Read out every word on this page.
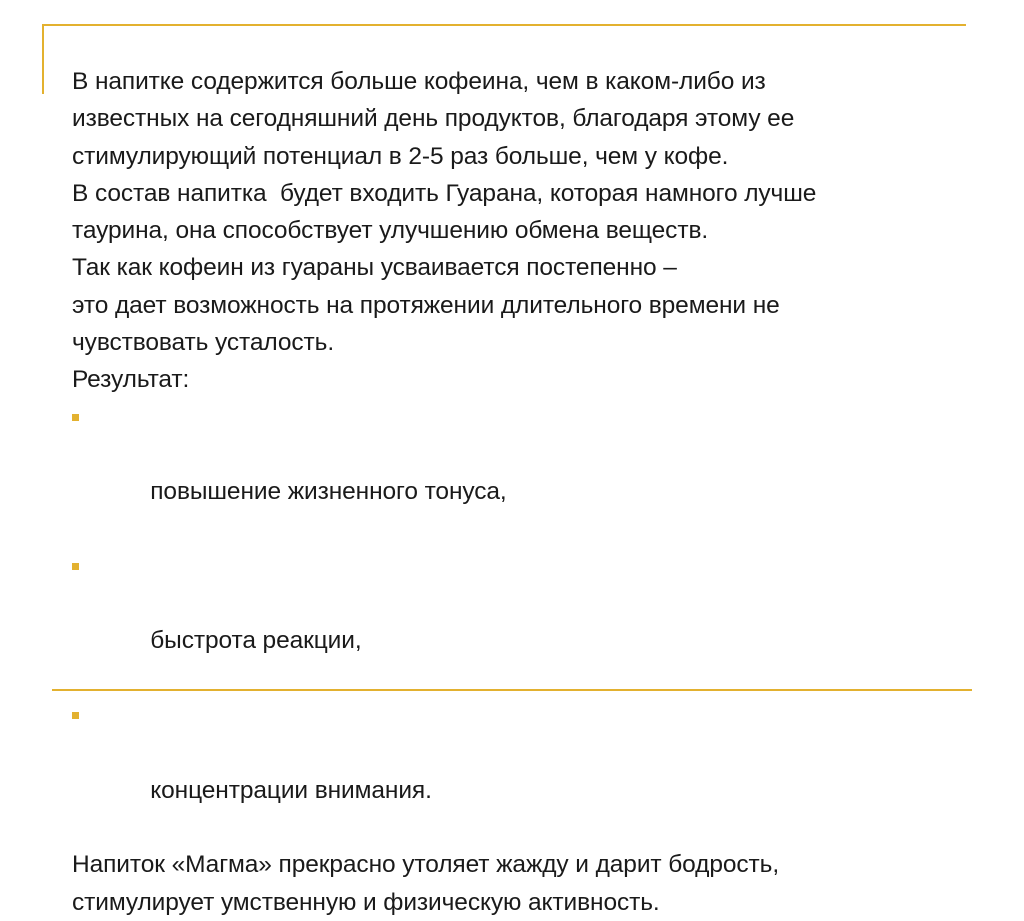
В напитке содержится больше кофеина, чем в каком-либо из

известных на сегодняшний день продуктов, благодаря этому ее

стимулирующий потенциал в 2-5 раз больше, чем у кофе.

В состав напитка  будет входить Гуарана, которая намного лучше

таурина, она способствует улучшению обмена веществ.

Так как кофеин из гуараны усваивается постепенно –

это дает возможность на протяжении длительного времени не

чувствовать усталость.

Результат:

повышение жизненного тонуса,

быстрота реакции,

концентрации внимания.

Напиток «Магма» прекрасно утоляет жажду и дарит бодрость,

стимулирует умственную и физическую активность.
